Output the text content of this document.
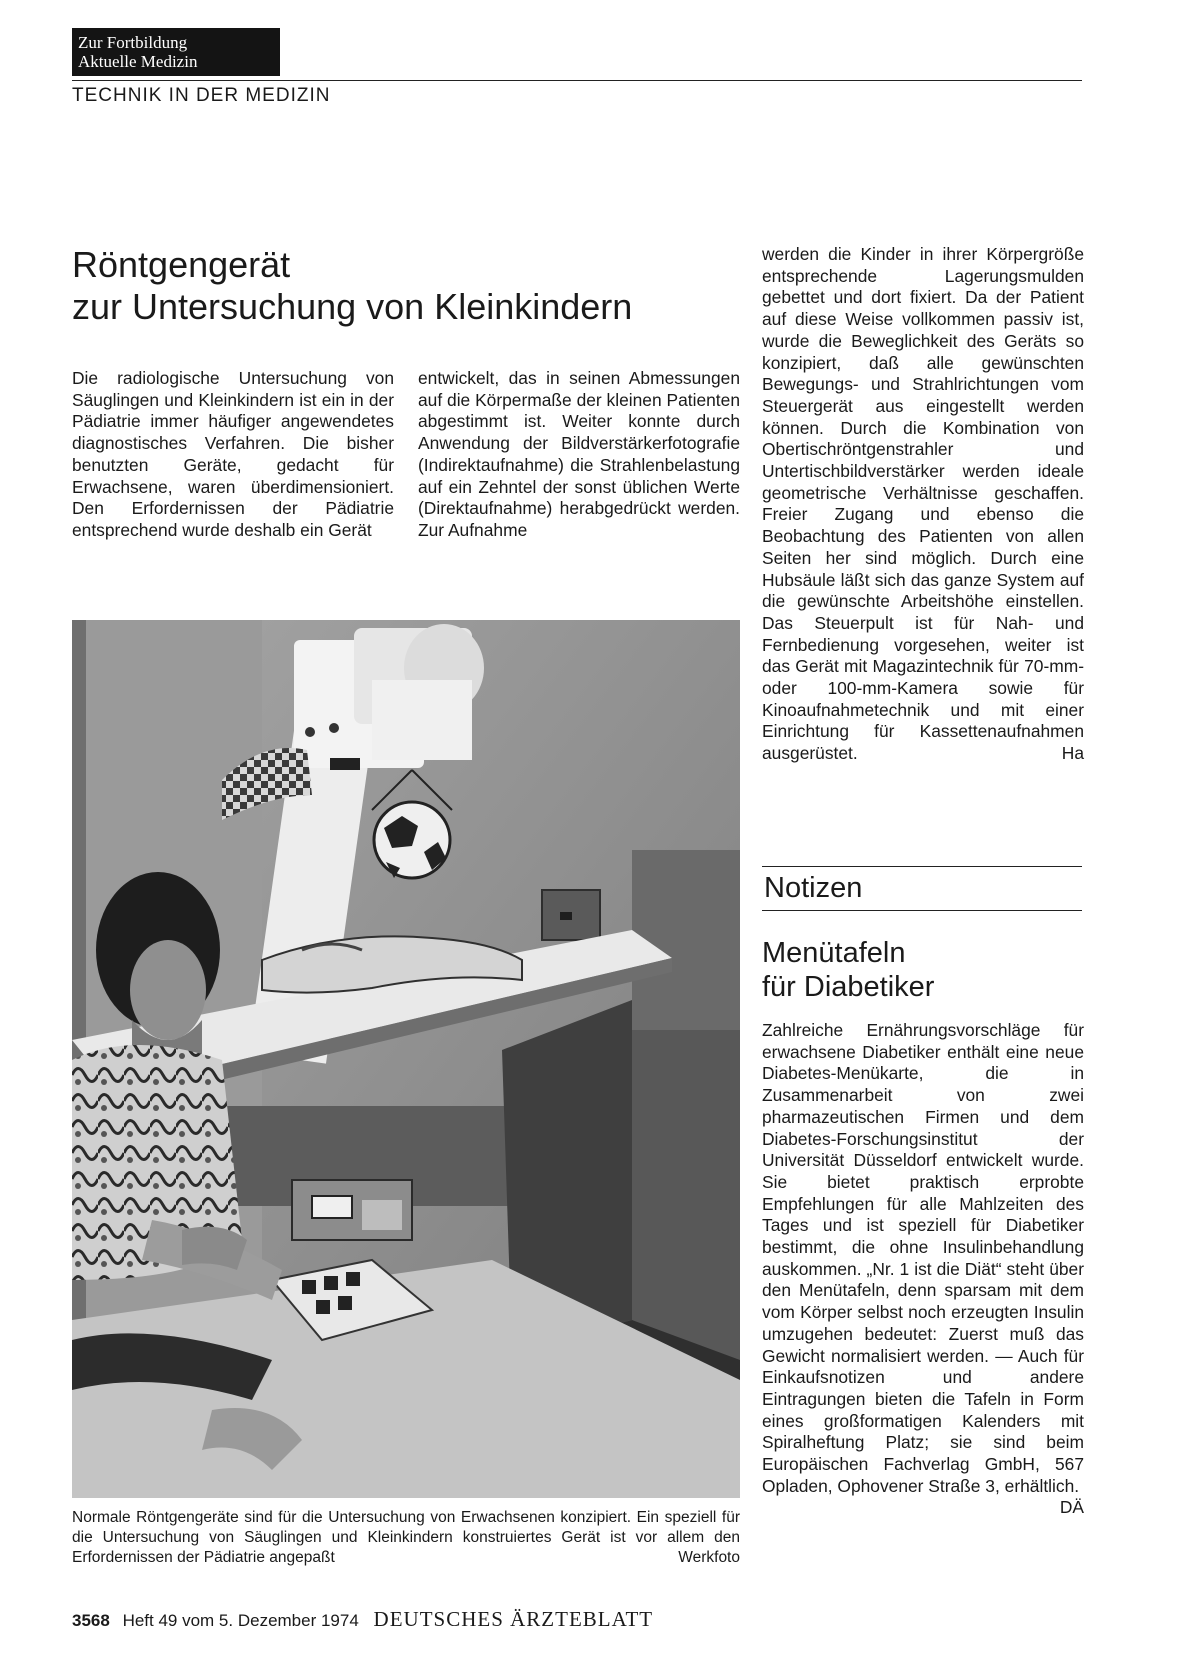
Zur Fortbildung
Aktuelle Medizin
TECHNIK IN DER MEDIZIN
Röntgengerät
zur Untersuchung von Kleinkindern

Die radiologische Untersuchung von Säuglingen und Kleinkindern ist ein in der Pädiatrie immer häufiger angewendetes diagnostisches Verfahren. Die bisher benutzten Geräte, gedacht für Erwachsene, waren überdimensioniert. Den Erfordernissen der Pädiatrie entsprechend wurde deshalb ein Gerät

entwickelt, das in seinen Abmessungen auf die Körpermaße der kleinen Patienten abgestimmt ist. Weiter konnte durch Anwendung der Bildverstärkerfotografie (Indirektaufnahme) die Strahlenbelastung auf ein Zehntel der sonst üblichen Werte (Direktaufnahme) herabgedrückt werden. Zur Aufnahme

werden die Kinder in ihrer Körpergröße entsprechende Lagerungsmulden gebettet und dort fixiert. Da der Patient auf diese Weise vollkommen passiv ist, wurde die Beweglichkeit des Geräts so konzipiert, daß alle gewünschten Bewegungs- und Strahlrichtungen vom Steuergerät aus eingestellt werden können. Durch die Kombination von Obertischröntgenstrahler und Untertischbildverstärker werden ideale geometrische Verhältnisse geschaffen. Freier Zugang und ebenso die Beobachtung des Patienten von allen Seiten her sind möglich. Durch eine Hubsäule läßt sich das ganze System auf die gewünschte Arbeitshöhe einstellen. Das Steuerpult ist für Nah- und Fernbedienung vorgesehen, weiter ist das Gerät mit Magazintechnik für 70-mm- oder 100-mm-Kamera sowie für Kinoaufnahmetechnik und mit einer Einrichtung für Kassettenaufnahmen ausgerüstet.	Ha

Normale Röntgengeräte sind für die Untersuchung von Erwachsenen konzipiert. Ein speziell für die Untersuchung von Säuglingen und Kleinkindern konstruiertes Gerät ist vor allem den Erfordernissen der Pädiatrie angepaßt	Werkfoto

Notizen
Menütafeln
für Diabetiker

Zahlreiche Ernährungsvorschläge für erwachsene Diabetiker enthält eine neue Diabetes-Menükarte, die in Zusammenarbeit von zwei pharmazeutischen Firmen und dem Diabetes-Forschungsinstitut der Universität Düsseldorf entwickelt wurde. Sie bietet praktisch erprobte Empfehlungen für alle Mahlzeiten des Tages und ist speziell für Diabetiker bestimmt, die ohne Insulinbehandlung auskommen. „Nr. 1 ist die Diät“ steht über den Menütafeln, denn sparsam mit dem vom Körper selbst noch erzeugten Insulin umzugehen bedeutet: Zuerst muß das Gewicht normalisiert werden. — Auch für Einkaufsnotizen und andere Eintragungen bieten die Tafeln in Form eines großformatigen Kalenders mit Spiralheftung Platz; sie sind beim Europäischen Fachverlag GmbH, 567 Opladen, Ophovener Straße 3, erhältlich.
DÄ

3568 Heft 49 vom 5. Dezember 1974 DEUTSCHES ÄRZTEBLATT
